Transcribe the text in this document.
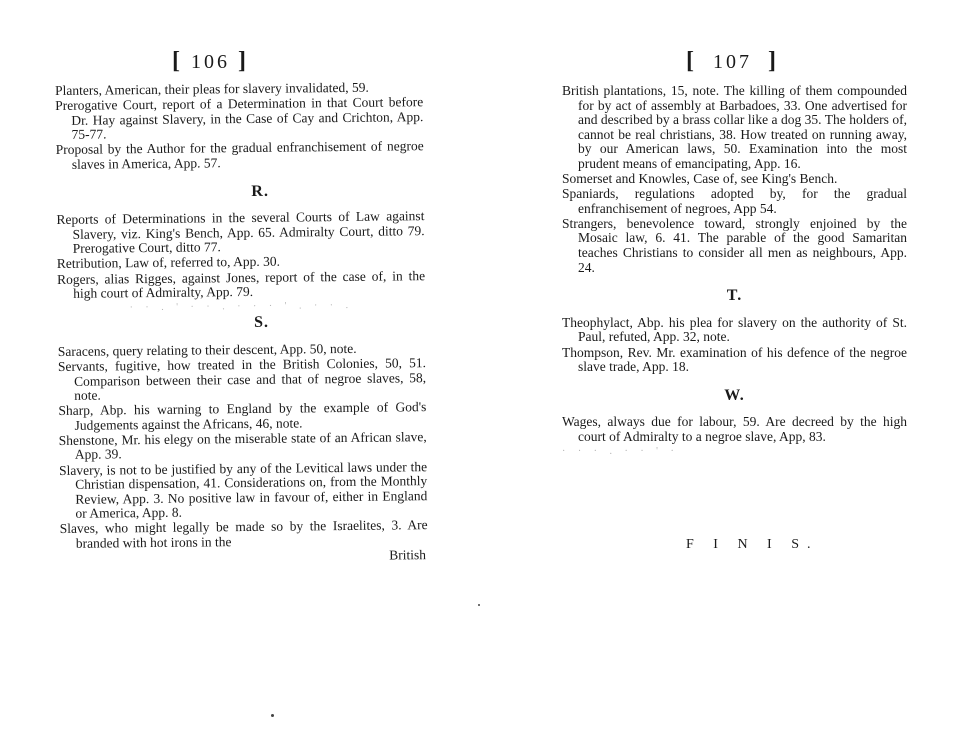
[ 106 ]

Planters, American, their pleas for slavery invalidated, 59.

Prerogative Court, report of a Determination in that Court before Dr. Hay against Slavery, in the Case of Cay and Crichton, App. 75-77.

Proposal by the Author for the gradual enfranchisement of negroe slaves in America, App. 57.

R.

Reports of Determinations in the several Courts of Law against Slavery, viz. King's Bench, App. 65. Admiralty Court, ditto 79. Prerogative Court, ditto 77.

Retribution, Law of, referred to, App. 30.

Rogers, alias Rigges, against Jones, report of the case of, in the high court of Admiralty, App. 79.

· · . ' · · . · · · ' . · · .
S.

Saracens, query relating to their descent, App. 50, note.

Servants, fugitive, how treated in the British Colonies, 50, 51. Comparison between their case and that of negroe slaves, 58, note.

Sharp, Abp. his warning to England by the example of God's Judgements against the Africans, 46, note.

Shenstone, Mr. his elegy on the miserable state of an African slave, App. 39.

Slavery, is not to be justified by any of the Levitical laws under the Christian dispensation, 41. Considerations on, from the Monthly Review, App. 3. No positive law in favour of, either in England or America, App. 8.

Slaves, who might legally be made so by the Israelites, 3. Are branded with hot irons in the

British
[ 107 ]

British plantations, 15, note. The killing of them compounded for by act of assembly at Barbadoes, 33. One advertised for and described by a brass collar like a dog 35. The holders of, cannot be real christians, 38. How treated on running away, by our American laws, 50. Examination into the most prudent means of emancipating, App. 16.

Somerset and Knowles, Case of, see King's Bench.

Spaniards, regulations adopted by, for the gradual enfranchisement of negroes, App 54.

Strangers, benevolence toward, strongly enjoined by the Mosaic law, 6. 41. The parable of the good Samaritan teaches Christians to consider all men as neighbours, App. 24.

T.

Theophylact, Abp. his plea for slavery on the authority of St. Paul, refuted, App. 32, note.

Thompson, Rev. Mr. examination of his defence of the negroe slave trade, App. 18.

W.

Wages, always due for labour, 59. Are decreed by the high court of Admiralty to a negroe slave, App, 83.

· · · . · · ' ·
F I N I S.
